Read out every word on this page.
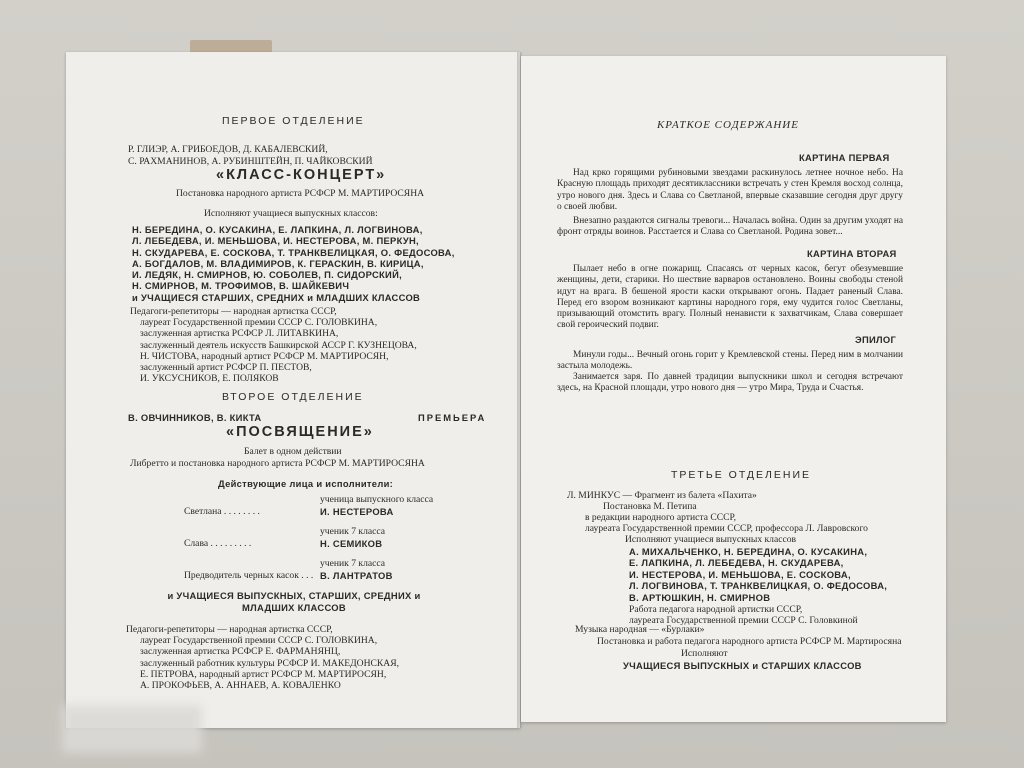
ПЕРВОЕ ОТДЕЛЕНИЕ
Р. ГЛИЭР, А. ГРИБОЕДОВ, Д. КАБАЛЕВСКИЙ,
С. РАХМАНИНОВ, А. РУБИНШТЕЙН, П. ЧАЙКОВСКИЙ
«КЛАСС-КОНЦЕРТ»
Постановка народного артиста РСФСР М. МАРТИРОСЯНА
Исполняют учащиеся выпускных классов:
Н. БЕРЕДИНА, О. КУСАКИНА, Е. ЛАПКИНА, Л. ЛОГВИНОВА,
Л. ЛЕБЕДЕВА, И. МЕНЬШОВА, И. НЕСТЕРОВА, М. ПЕРКУН,
Н. СКУДАРЕВА, Е. СОСКОВА, Т. ТРАНКВЕЛИЦКАЯ, О. ФЕДОСОВА,
А. БОГДАЛОВ, М. ВЛАДИМИРОВ, К. ГЕРАСКИН, В. КИРИЦА,
И. ЛЕДЯК, Н. СМИРНОВ, Ю. СОБОЛЕВ, П. СИДОРСКИЙ,
Н. СМИРНОВ, М. ТРОФИМОВ, В. ШАЙКЕВИЧ
и УЧАЩИЕСЯ СТАРШИХ, СРЕДНИХ и МЛАДШИХ КЛАССОВ
Педагоги-репетиторы — народная артистка СССР,
лауреат Государственной премии СССР С. ГОЛОВКИНА,
заслуженная артистка РСФСР Л. ЛИТАВКИНА,
заслуженный деятель искусств Башкирской АССР Г. КУЗНЕЦОВА,
Н. ЧИСТОВА, народный артист РСФСР М. МАРТИРОСЯН,
заслуженный артист РСФСР П. ПЕСТОВ,
И. УКСУСНИКОВ, Е. ПОЛЯКОВ
ВТОРОЕ ОТДЕЛЕНИЕ
В. ОВЧИННИКОВ, В. КИКТА	ПРЕМЬЕРА
«ПОСВЯЩЕНИЕ»
Балет в одном действии
Либретто и постановка народного артиста РСФСР М. МАРТИРОСЯНА
Действующие лица и исполнители:
ученица выпускного класса
Светлана . . . . . . . .	И. НЕСТЕРОВА
ученик 7 класса
Слава . . . . . . . . .	Н. СЕМИКОВ
ученик 7 класса
Предводитель черных касок . . . В. ЛАНТРАТОВ
и УЧАЩИЕСЯ ВЫПУСКНЫХ, СТАРШИХ, СРЕДНИХ и
МЛАДШИХ КЛАССОВ
Педагоги-репетиторы — народная артистка СССР,
лауреат Государственной премии СССР С. ГОЛОВКИНА,
заслуженная артистка РСФСР Е. ФАРМАНЯНЦ,
заслуженный работник культуры РСФСР И. МАКЕДОНСКАЯ,
Е. ПЕТРОВА, народный артист РСФСР М. МАРТИРОСЯН,
А. ПРОКОФЬЕВ, А. АННАЕВ, А. КОВАЛЕНКО
КРАТКОЕ СОДЕРЖАНИЕ
КАРТИНА ПЕРВАЯ
Над крко горящими рубиновыми звездами раскинулось летнее ночное небо. На Красную площадь приходят десятиклассники встречать у стен Кремля восход солнца, утро нового дня. Здесь и Слава со Светланой, впервые сказавшие сегодня друг другу о своей любви.
Внезапно раздаются сигналы тревоги... Началась война. Один за другим уходят на фронт отряды воинов. Расстается и Слава со Светланой. Родина зовет...
КАРТИНА ВТОРАЯ
Пылает небо в огне пожарищ. Спасаясь от черных касок, бегут обезумевшие женщины, дети, старики. Но шествие варваров остановлено. Воины свободы стеной идут на врага. В бешеной ярости каски открывают огонь. Падает раненый Слава. Перед его взором возникают картины народного горя, ему чудится голос Светланы, призывающий отомстить врагу. Полный ненависти к захватчикам, Слава совершает свой героический подвиг.
ЭПИЛОГ
Минули годы... Вечный огонь горит у Кремлевской стены. Перед ним в молчании застыла молодежь.
Занимается заря. По давней традиции выпускники школ и сегодня встречают здесь, на Красной площади, утро нового дня — утро Мира, Труда и Счастья.
ТРЕТЬЕ ОТДЕЛЕНИЕ
Л. МИНКУС — Фрагмент из балета «Пахита»
Постановка М. Петипа
в редакции народного артиста СССР,
лауреата Государственной премии СССР, профессора Л. Лавровского
Исполняют учащиеся выпускных классов
А. МИХАЛЬЧЕНКО, Н. БЕРЕДИНА, О. КУСАКИНА,
Е. ЛАПКИНА, Л. ЛЕБЕДЕВА, Н. СКУДАРЕВА,
И. НЕСТЕРОВА, И. МЕНЬШОВА, Е. СОСКОВА,
Л. ЛОГВИНОВА, Т. ТРАНКВЕЛИЦКАЯ, О. ФЕДОСОВА,
В. АРТЮШКИН, Н. СМИРНОВ
Работа педагога народной артистки СССР,
лауреата Государственной премии СССР С. Головкиной
Музыка народная — «Бурлаки»
Постановка и работа педагога народного артиста РСФСР М. Мартиросяна
Исполняют
УЧАЩИЕСЯ ВЫПУСКНЫХ и СТАРШИХ КЛАССОВ
